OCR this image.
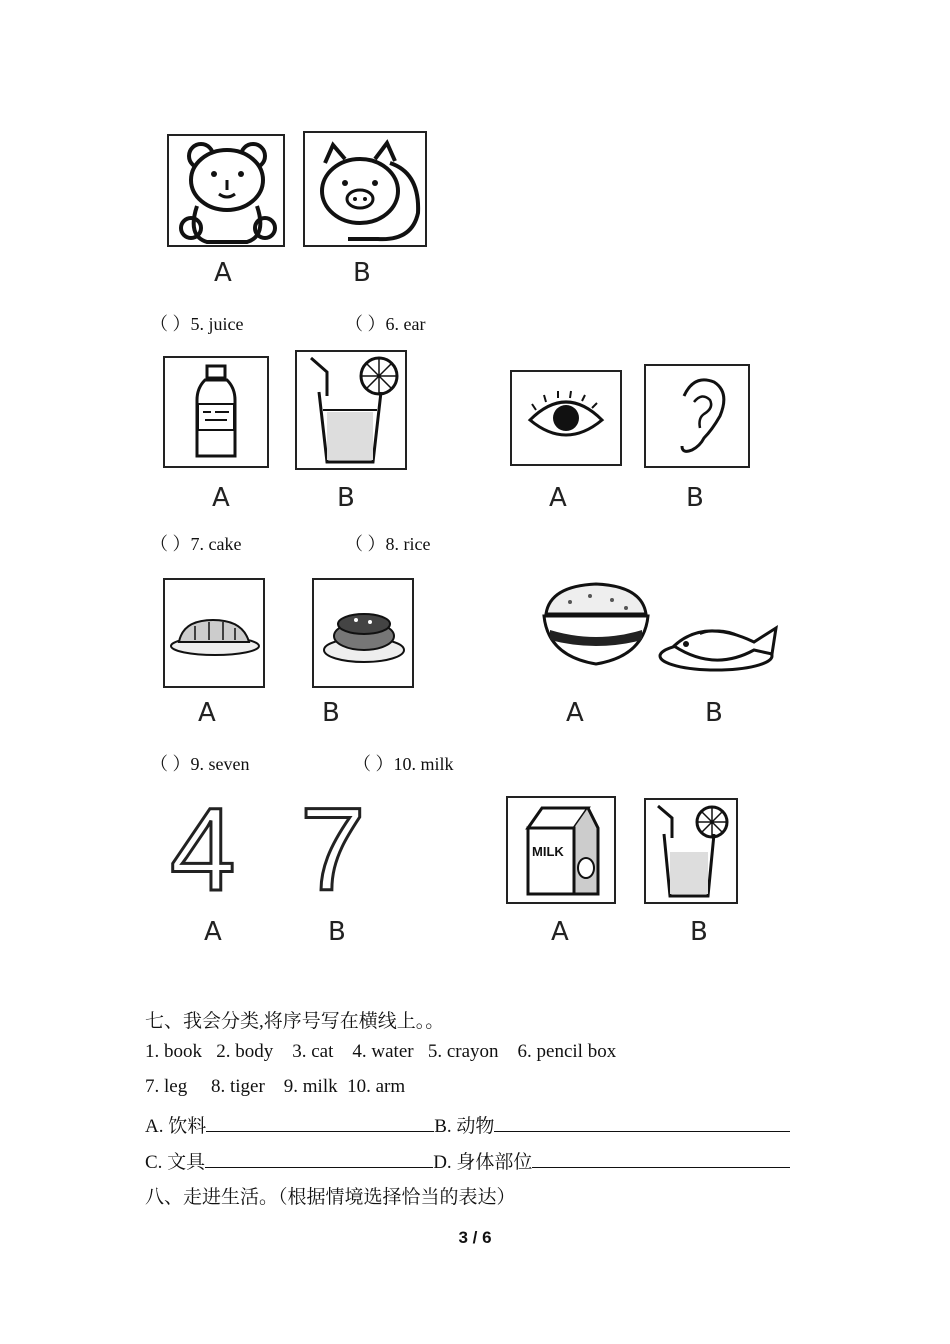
A	B
（ ）5. juice	（ ）6. ear
A	B	A	B
（ ）7. cake	（ ）8. rice
A	B	A	B
（ ）9. seven	（ ）10. milk
4 7
A	B
MILK
A	B
七、我会分类,将序号写在横线上。。
1. book   2. body    3. cat    4. water   5. crayon    6. pencil box
7. leg     8. tiger    9. milk  10. arm
A. 饮料	B. 动物
C. 文具	D. 身体部位
八、走进生活。（根据情境选择恰当的表达）
3 / 6
